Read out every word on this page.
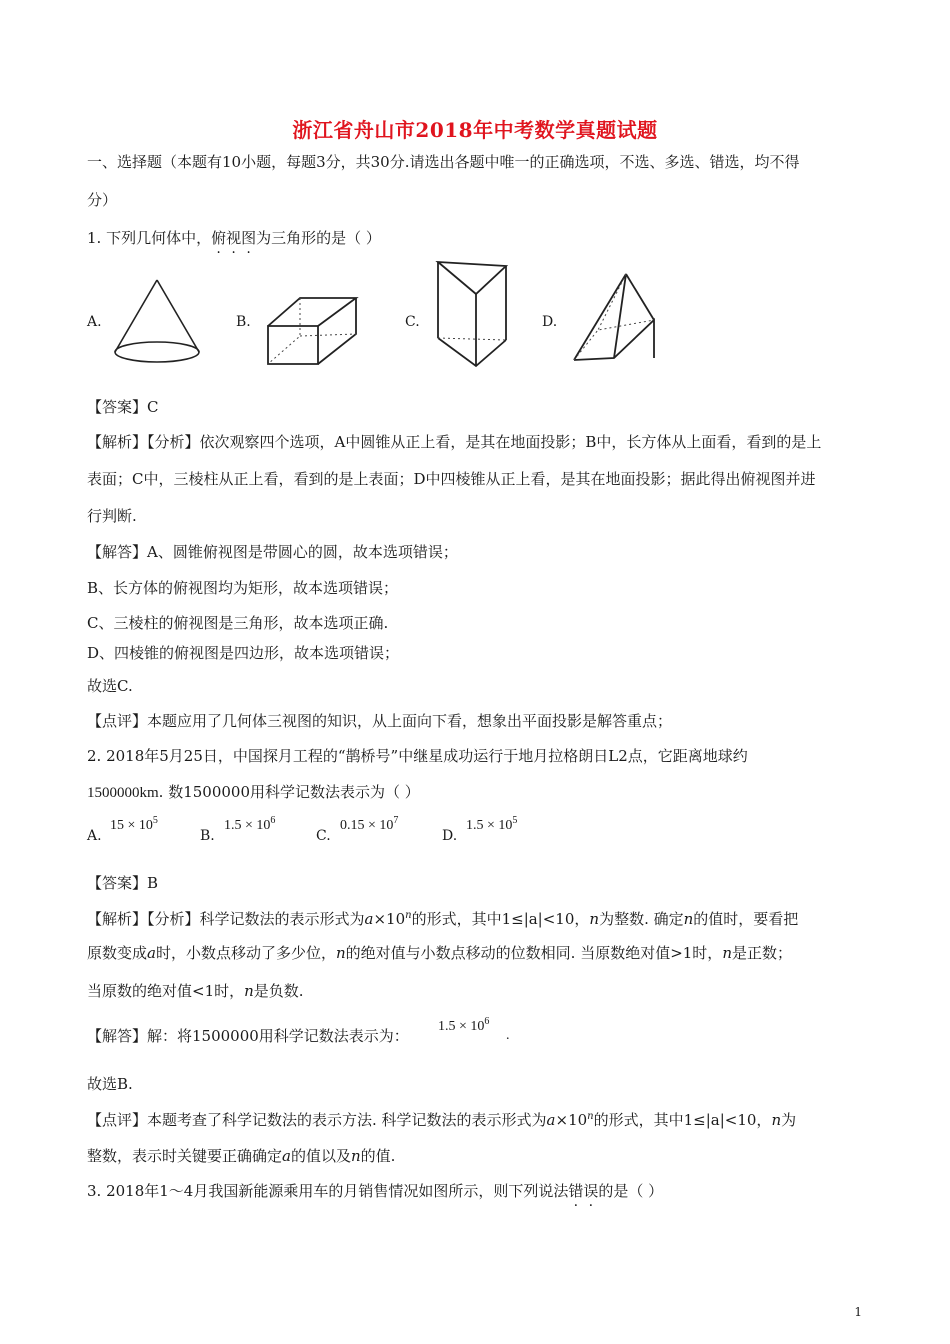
浙江省舟山市2018年中考数学真题试题
一、选择题（本题有10小题，每题3分，共30分.请选出各题中唯一的正确选项，不选、多选、错选，均不得
分）
1. 下列几何体中，俯视图为三角形的是（ ）
A.	B.	C.	D.
【答案】C
【解析】【分析】依次观察四个选项，A中圆锥从正上看，是其在地面投影；B中，长方体从上面看，看到的是上
表面；C中，三棱柱从正上看，看到的是上表面；D中四棱锥从正上看，是其在地面投影；据此得出俯视图并进
行判断.
【解答】A、圆锥俯视图是带圆心的圆，故本选项错误；
B、长方体的俯视图均为矩形，故本选项错误；
C、三棱柱的俯视图是三角形，故本选项正确.
D、四棱锥的俯视图是四边形，故本选项错误；
故选C.
【点评】本题应用了几何体三视图的知识，从上面向下看，想象出平面投影是解答重点；
2. 2018年5月25日，中国探月工程的“鹊桥号”中继星成功运行于地月拉格朗日L2点，它距离地球约
1500000km. 数1500000用科学记数法表示为（ ）
A.
$15 \times 10^5$
B.
$1.5 \times 10^6$
C.
$0.15 \times 10^7$
D.
$1.5 \times 10^5$
【答案】B
【解析】【分析】科学记数法的表示形式为$a\times 10^n$的形式，其中1≤|a|<10，n为整数. 确定n的值时，要看把
原数变成a时，小数点移动了多少位，n的绝对值与小数点移动的位数相同. 当原数绝对值>1时，n是正数；
当原数的绝对值<1时，n是负数.
【解答】解：将1500000用科学记数法表示为：
$1.5 \times 10^6$
.
故选B.
【点评】本题考查了科学记数法的表示方法. 科学记数法的表示形式为$a\times 10^n$的形式，其中1≤|a|<10，n为
整数，表示时关键要正确确定a的值以及n的值.
3. 2018年1～4月我国新能源乘用车的月销售情况如图所示，则下列说法错误的是（ ）
1
